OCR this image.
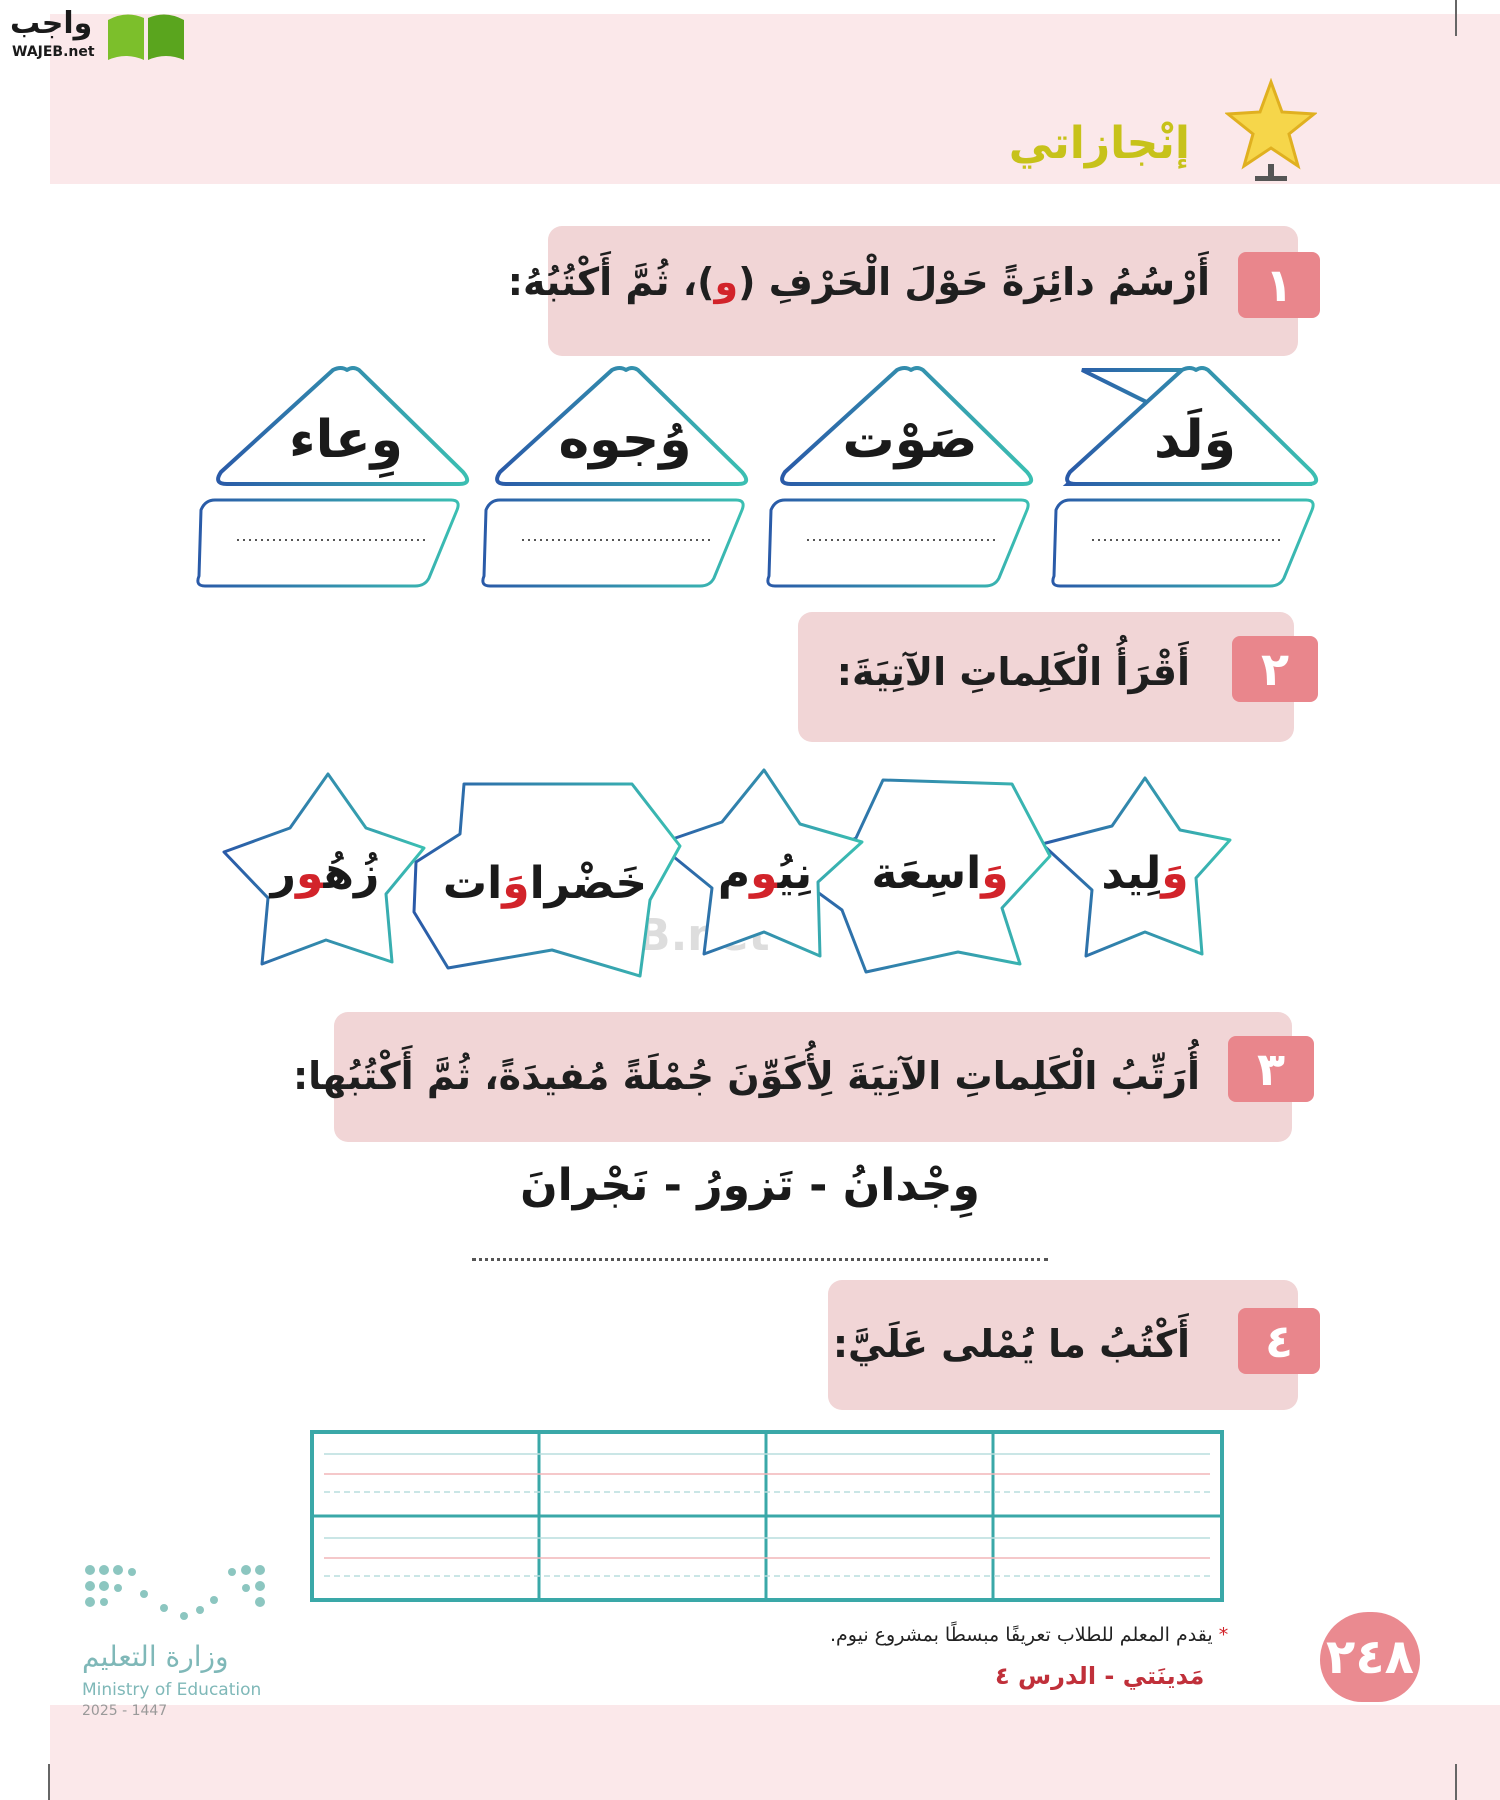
واجب
WAJEB.net
إنْجازاتي
١
أَرْسُمُ دائِرَةً حَوْلَ الْحَرْفِ (و)، ثُمَّ أَكْتُبُهُ:
وَلَد
صَوْت
وُجوه
وِعاء
٢
أَقْرَأُ الْكَلِماتِ الآتِيَةَ:
وَلِيد
وَاسِعَة
نِيُوم
خَضْراوَات
زُهُور
٣
أُرَتِّبُ الْكَلِماتِ الآتِيَةَ لِأُكَوِّنَ جُمْلَةً مُفيدَةً، ثُمَّ أَكْتُبُها:
وِجْدانُ - تَزورُ - نَجْرانَ
٤
أَكْتُبُ ما يُمْلى عَلَيَّ:
وزارة التعليم
Ministry of Education
2025 - 1447
* يقدم المعلم للطلاب تعريفًا مبسطًا بمشروع نيوم.
مَدينَتي - الدرس ٤	٢٤٨
